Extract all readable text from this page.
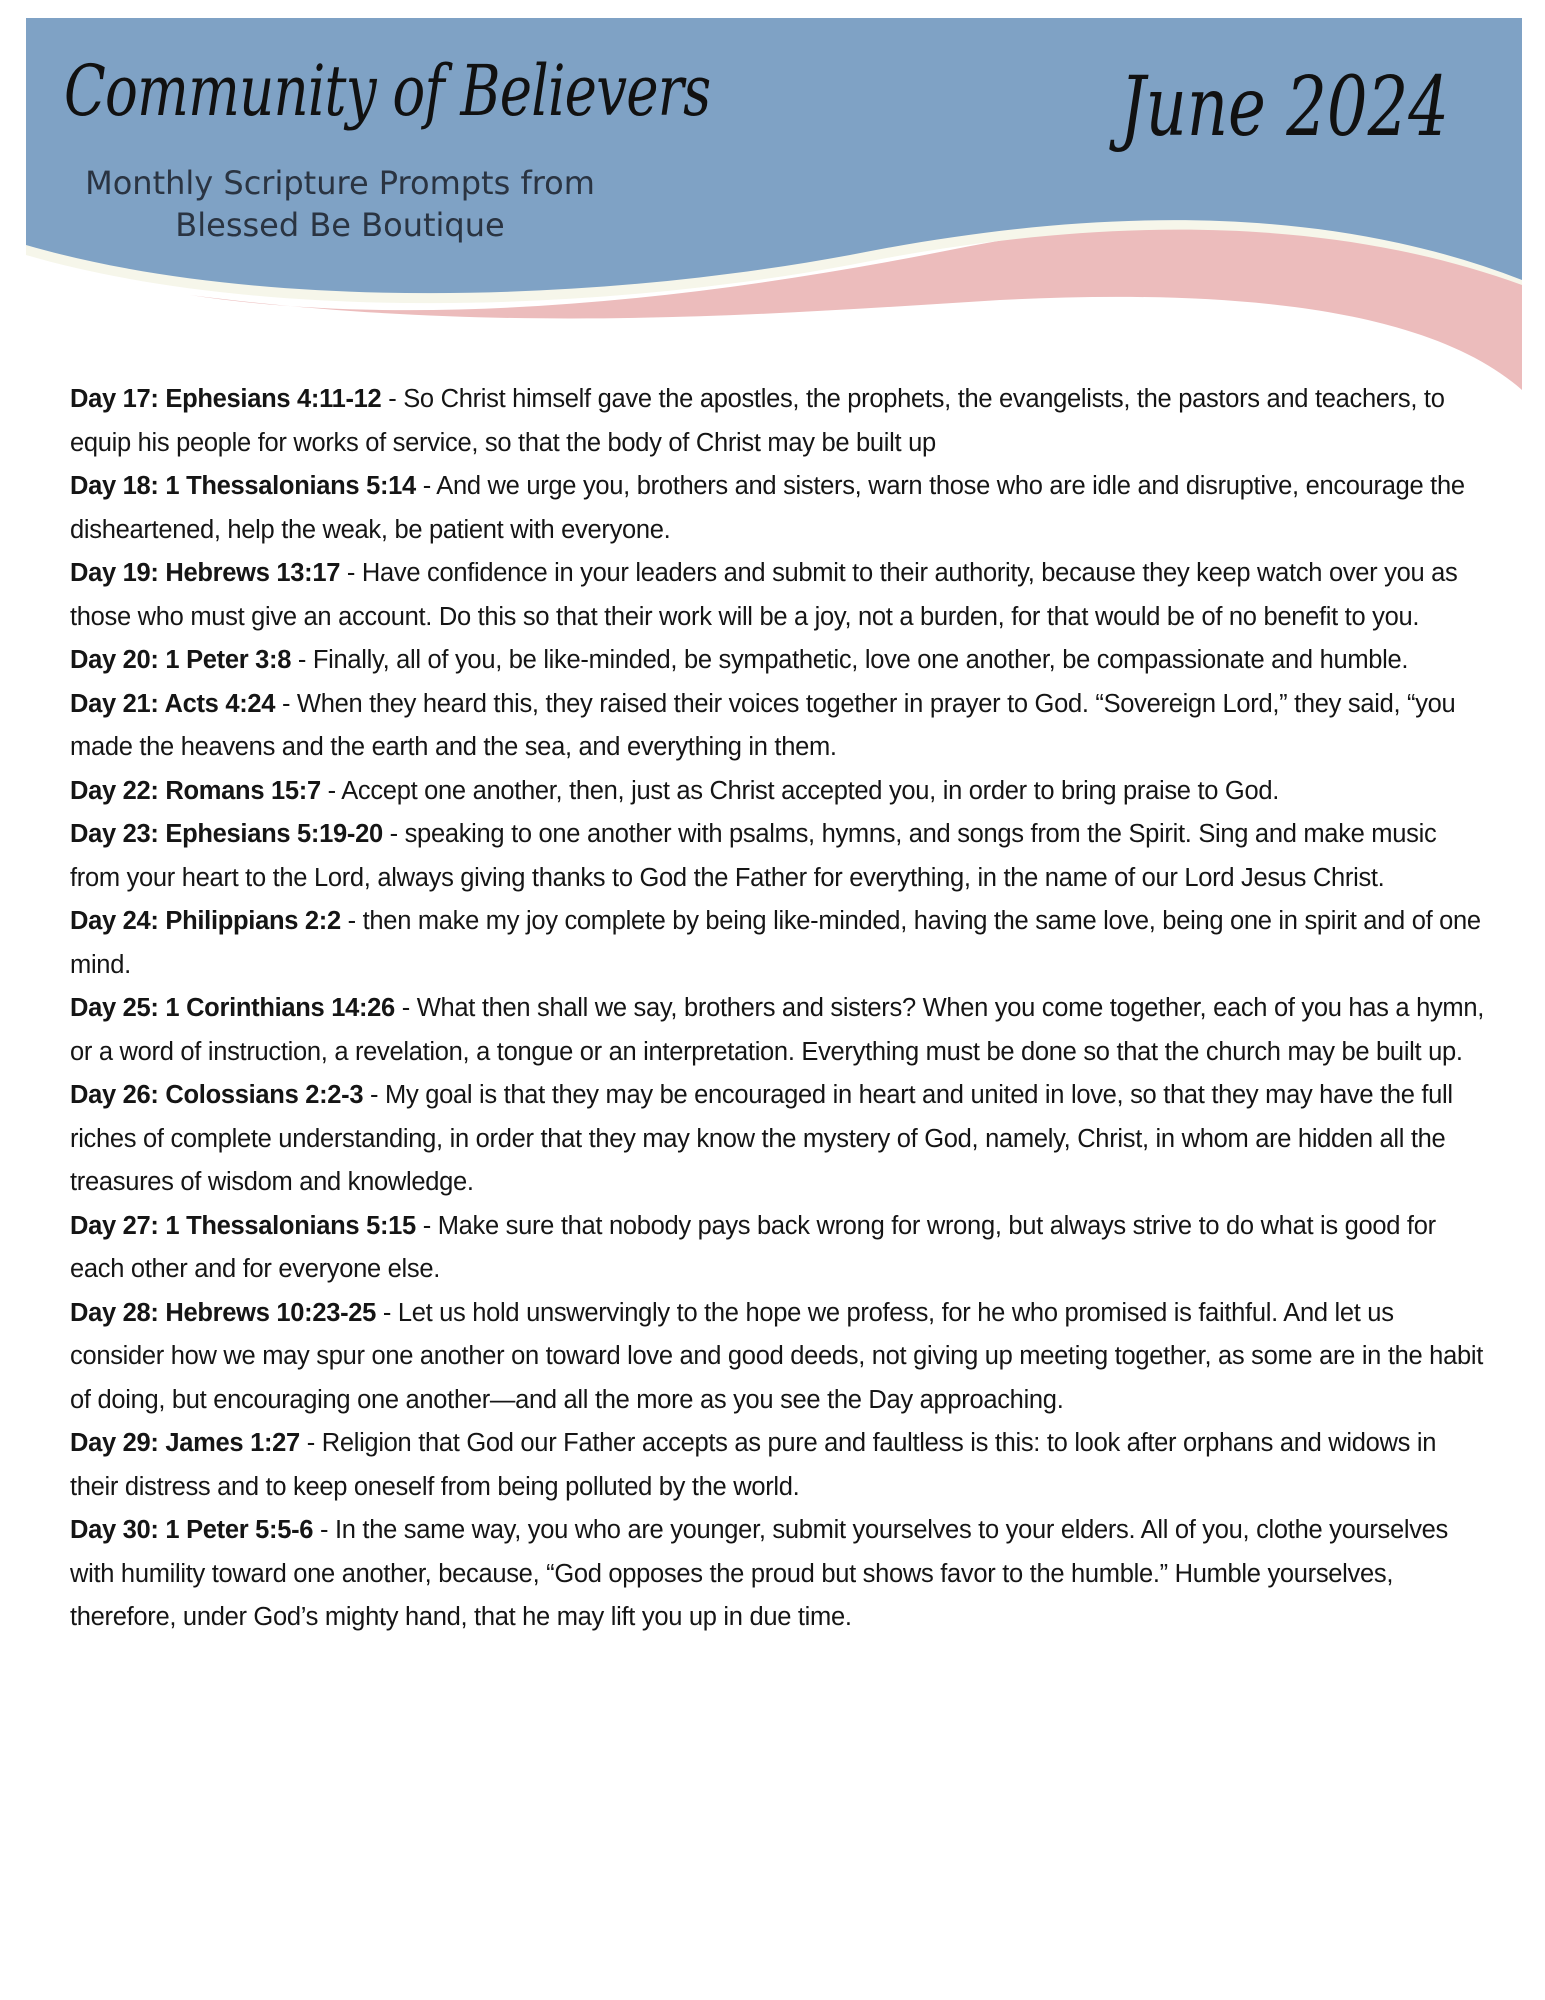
Community of Believers
Monthly Scripture Prompts from
Blessed Be Boutique
June 2024

Day 17: Ephesians 4:11-12 - So Christ himself gave the apostles, the prophets, the evangelists, the pastors and teachers, to equip his people for works of service, so that the body of Christ may be built up

Day 18: 1 Thessalonians 5:14 - And we urge you, brothers and sisters, warn those who are idle and disruptive, encourage the disheartened, help the weak, be patient with everyone.

Day 19: Hebrews 13:17 - Have confidence in your leaders and submit to their authority, because they keep watch over you as those who must give an account. Do this so that their work will be a joy, not a burden, for that would be of no benefit to you.

Day 20: 1 Peter 3:8 - Finally, all of you, be like-minded, be sympathetic, love one another, be compassionate and humble.

Day 21: Acts 4:24 - When they heard this, they raised their voices together in prayer to God. “Sovereign Lord,” they said, “you made the heavens and the earth and the sea, and everything in them.

Day 22: Romans 15:7 - Accept one another, then, just as Christ accepted you, in order to bring praise to God.

Day 23: Ephesians 5:19-20 - speaking to one another with psalms, hymns, and songs from the Spirit. Sing and make music from your heart to the Lord, always giving thanks to God the Father for everything, in the name of our Lord Jesus Christ.

Day 24: Philippians 2:2 - then make my joy complete by being like-minded, having the same love, being one in spirit and of one mind.

Day 25: 1 Corinthians 14:26 - What then shall we say, brothers and sisters? When you come together, each of you has a hymn, or a word of instruction, a revelation, a tongue or an interpretation. Everything must be done so that the church may be built up.

Day 26: Colossians 2:2-3 - My goal is that they may be encouraged in heart and united in love, so that they may have the full riches of complete understanding, in order that they may know the mystery of God, namely, Christ, in whom are hidden all the treasures of wisdom and knowledge.

Day 27: 1 Thessalonians 5:15 - Make sure that nobody pays back wrong for wrong, but always strive to do what is good for each other and for everyone else.

Day 28: Hebrews 10:23-25 - Let us hold unswervingly to the hope we profess, for he who promised is faithful. And let us consider how we may spur one another on toward love and good deeds, not giving up meeting together, as some are in the habit of doing, but encouraging one another—and all the more as you see the Day approaching.

Day 29: James 1:27 - Religion that God our Father accepts as pure and faultless is this: to look after orphans and widows in their distress and to keep oneself from being polluted by the world.

Day 30: 1 Peter 5:5-6 - In the same way, you who are younger, submit yourselves to your elders. All of you, clothe yourselves with humility toward one another, because, “God opposes the proud but shows favor to the humble.” Humble yourselves, therefore, under God’s mighty hand, that he may lift you up in due time.
